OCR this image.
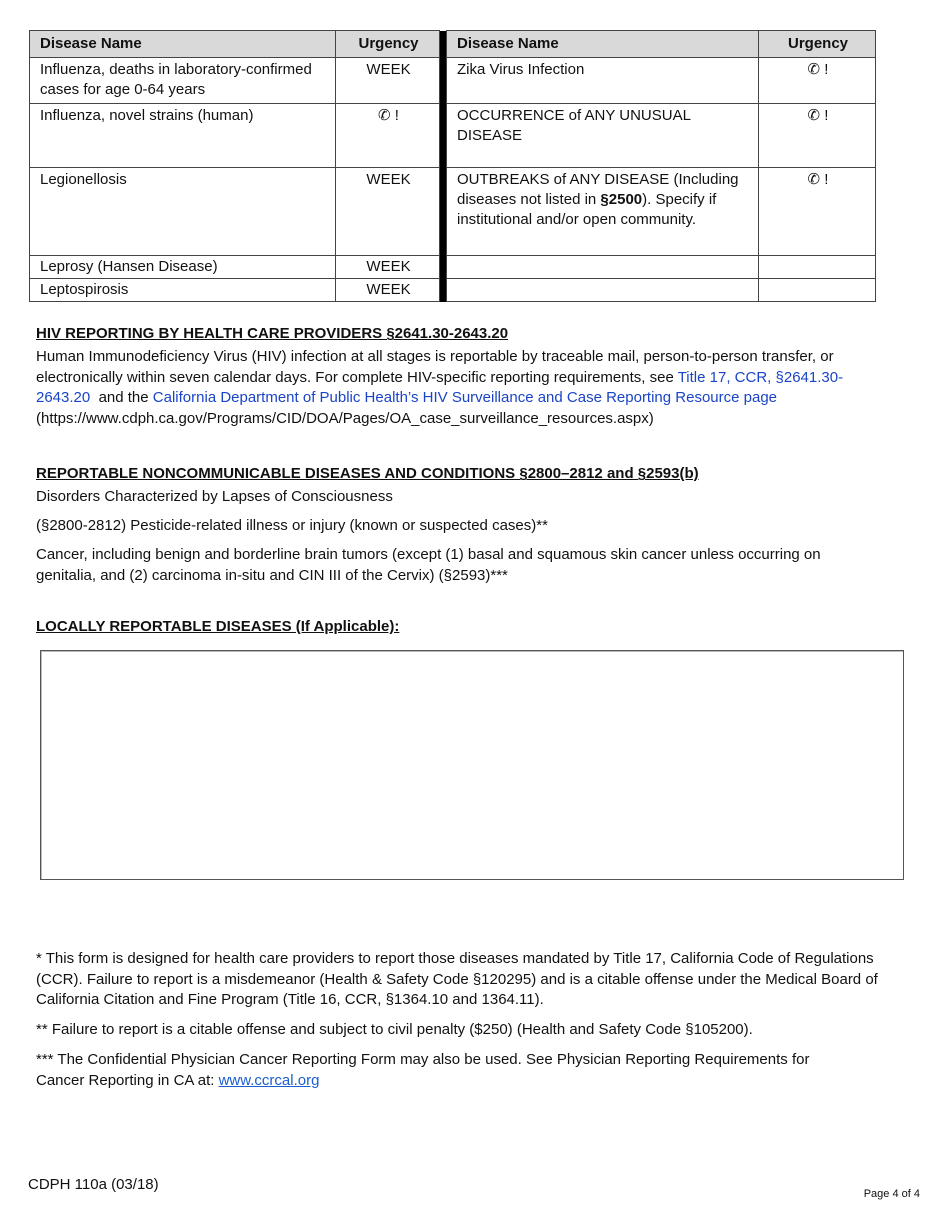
Disease Name	Urgency		Disease Name	Urgency
Influenza, deaths in laboratory-confirmed cases for age 0-64 years	WEEK		Zika Virus Infection	✆ !
Influenza, novel strains (human)	✆ !		OCCURRENCE of ANY UNUSUAL DISEASE	✆ !
Legionellosis	WEEK		OUTBREAKS of ANY DISEASE (Including diseases not listed in §2500). Specify if institutional and/or open community.	✆ !
Leprosy (Hansen Disease)	WEEK			
Leptospirosis	WEEK			
HIV REPORTING BY HEALTH CARE PROVIDERS §2641.30-2643.20
Human Immunodeficiency Virus (HIV) infection at all stages is reportable by traceable mail, person-to-person transfer, or electronically within seven calendar days. For complete HIV-specific reporting requirements, see Title 17, CCR, §2641.30-2643.20  and the California Department of Public Health’s HIV Surveillance and Case Reporting Resource page (https://www.cdph.ca.gov/Programs/CID/DOA/Pages/OA_case_surveillance_resources.aspx)
REPORTABLE NONCOMMUNICABLE DISEASES AND CONDITIONS §2800–2812 and §2593(b)
Disorders Characterized by Lapses of Consciousness
(§2800-2812) Pesticide-related illness or injury (known or suspected cases)**
Cancer, including benign and borderline brain tumors (except (1) basal and squamous skin cancer unless occurring on genitalia, and (2) carcinoma in-situ and CIN III of the Cervix) (§2593)***
LOCALLY REPORTABLE DISEASES (If Applicable):
* This form is designed for health care providers to report those diseases mandated by Title 17, California Code of Regulations (CCR). Failure to report is a misdemeanor (Health & Safety Code §120295) and is a citable offense under the Medical Board of California Citation and Fine Program (Title 16, CCR, §1364.10 and 1364.11).
** Failure to report is a citable offense and subject to civil penalty ($250) (Health and Safety Code §105200).
*** The Confidential Physician Cancer Reporting Form may also be used. See Physician Reporting Requirements for Cancer Reporting in CA at: www.ccrcal.org
CDPH 110a (03/18)
Page 4 of 4
